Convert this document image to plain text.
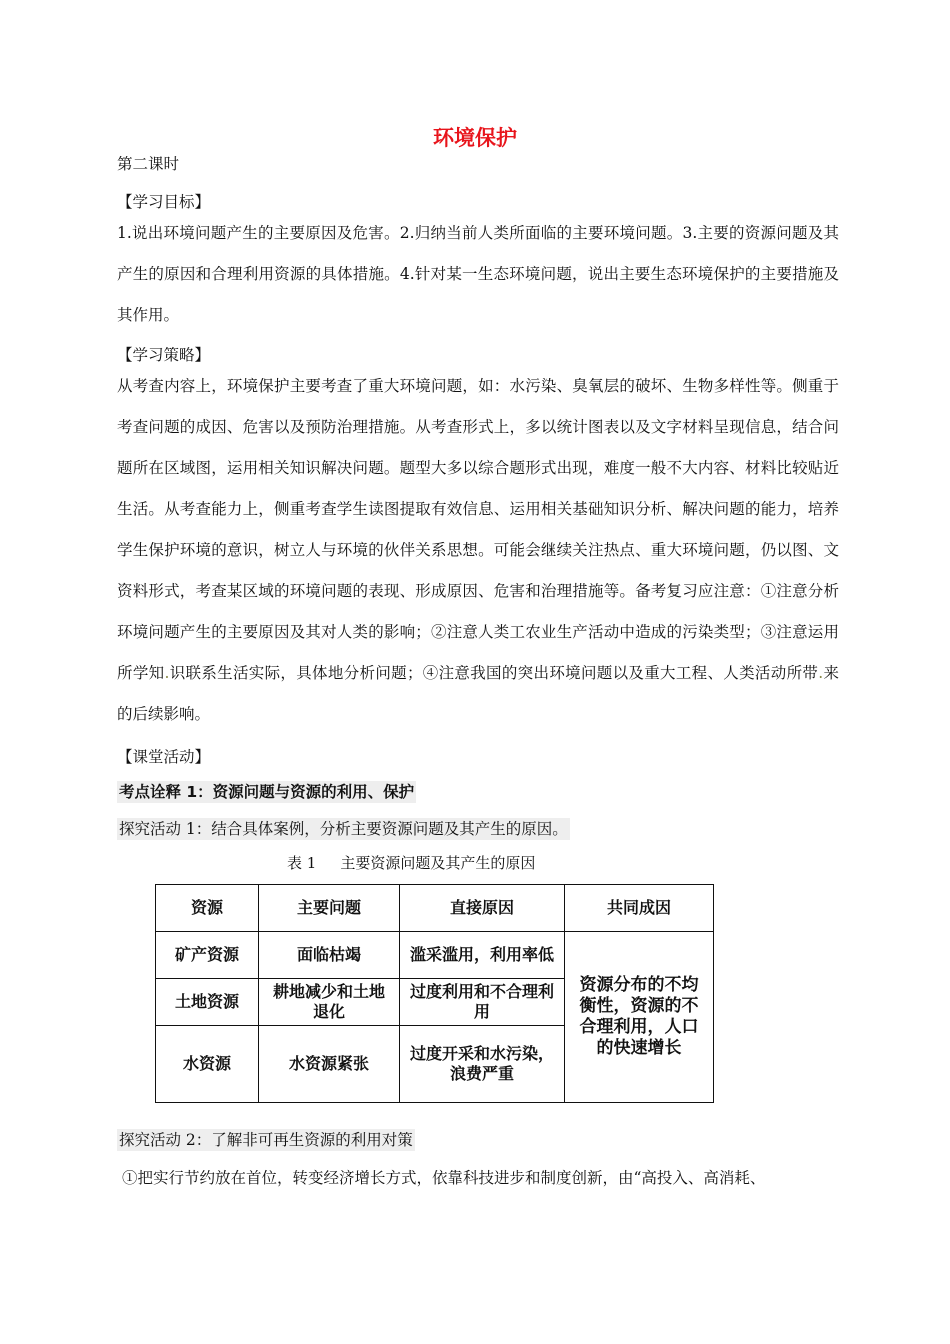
环境保护
第二课时
【学习目标】
1.说出环境问题产生的主要原因及危害。2.归纳当前人类所面临的主要环境问题。3.主要的资源问题及其产生的原因和合理利用资源的具体措施。4.针对某一生态环境问题，说出主要生态环境保护的主要措施及其作用。
【学习策略】
从考查内容上，环境保护主要考查了重大环境问题，如：水污染、臭氧层的破坏、生物多样性等。侧重于考查问题的成因、危害以及预防治理措施。从考查形式上，多以统计图表以及文字材料呈现信息，结合问题所在区域图，运用相关知识解决问题。题型大多以综合题形式出现，难度一般不大内容、材料比较贴近生活。从考查能力上，侧重考查学生读图提取有效信息、运用相关基础知识分析、解决问题的能力，培养学生保护环境的意识，树立人与环境的伙伴关系思想。可能会继续关注热点、重大环境问题，仍以图、文资料形式，考查某区域的环境问题的表现、形成原因、危害和治理措施等。备考复习应注意：①注意分析环境问题产生的主要原因及其对人类的影响；②注意人类工农业生产活动中造成的污染类型；③注意运用所学知.识联系生活实际，具体地分析问题；④注意我国的突出环境问题以及重大工程、人类活动所带.来的后续影响。
【课堂活动】
考点诠释 1：资源问题与资源的利用、保护
探究活动 1：结合具体案例，分析主要资源问题及其产生的原因。
表 1 主要资源问题及其产生的原因
资源	主要问题	直接原因	共同成因
矿产资源	面临枯竭	滥采滥用，利用率低	资源分布的不均衡性，资源的不合理利用，人口的快速增长
土地资源	耕地减少和土地退化	过度利用和不合理利用	
水资源	水资源紧张	过度开采和水污染，浪费严重	
探究活动 2：了解非可再生资源的利用对策
①把实行节约放在首位，转变经济增长方式，依靠科技进步和制度创新，由“高投入、高消耗、
